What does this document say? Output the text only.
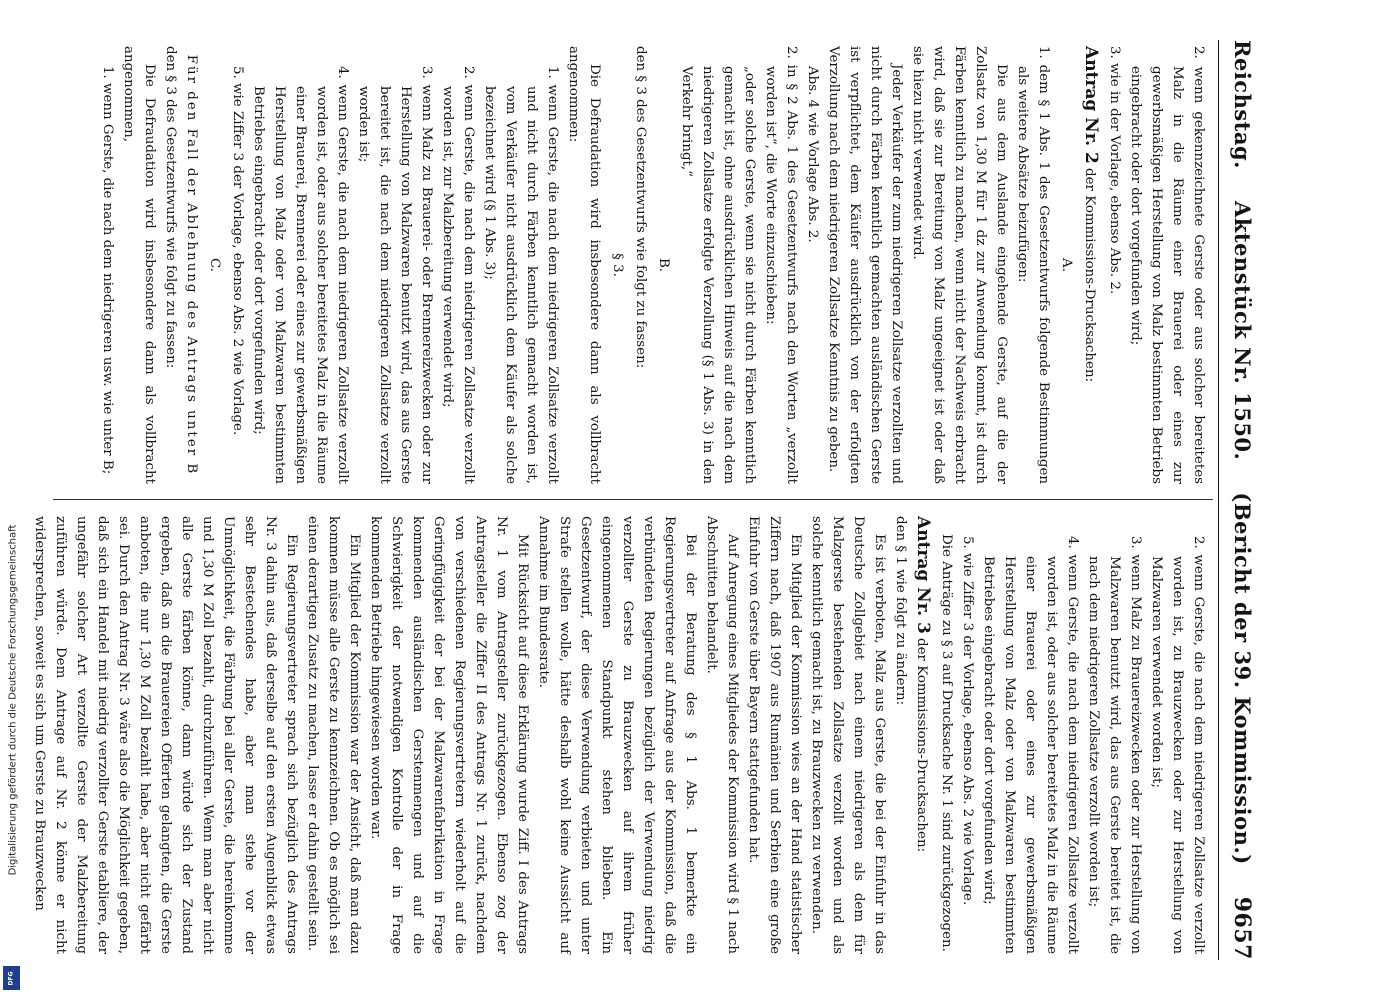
Digitalisierung gefördert durch die Deutsche Forschungsgemeinschaft
DFG
Reichstag.
Aktenstück Nr. 1550.
(Bericht der 39. Kommission.)
9657

2. wenn gekennzeichnete Gerste oder aus solcher bereitetes Malz in die Räume einer Brauerei oder eines zur gewerbsmäßigen Herstellung von Malz bestimmten Betriebs eingebracht oder dort vorgefunden wird;

3. wie in der Vorlage, ebenso Abs. 2.

Antrag Nr. 2 der Kommissions-Drucksachen:

A.

1. dem § 1 Abs. 1 des Gesetzentwurfs folgende Bestimmungen als weitere Absätze beizufügen:

Die aus dem Auslande eingehende Gerste, auf die der Zollsatz von 1,30 M für 1 dz zur Anwendung kommt, ist durch Färben kenntlich zu machen, wenn nicht der Nachweis erbracht wird, daß sie zur Bereitung von Malz ungeeignet ist oder daß sie hiezu nicht verwendet wird.

Jeder Verkäufer der zum niedrigeren Zollsatze verzollten und nicht durch Färben kenntlich gemachten ausländischen Gerste ist verpflichtet, dem Käufer ausdrücklich von der erfolgten Verzollung nach dem niedrigeren Zollsatze Kenntnis zu geben.

Abs. 4 wie Vorlage Abs. 2.

2. in § 2 Abs. 1 des Gesetzentwurfs nach den Worten „verzollt worden ist“, die Worte einzuschieben:

„oder solche Gerste, wenn sie nicht durch Färben kenntlich gemacht ist, ohne ausdrücklichen Hinweis auf die nach dem niedrigeren Zollsatze erfolgte Verzollung (§ 1 Abs. 3) in den Verkehr bringt,“

B.

den § 3 des Gesetzentwurfs wie folgt zu fassen:

§ 3.

Die Defraudation wird insbesondere dann als vollbracht angenommen:

1. wenn Gerste, die nach dem niedrigeren Zollsatze verzollt und nicht durch Färben kenntlich gemacht worden ist, vom Verkäufer nicht ausdrücklich dem Käufer als solche bezeichnet wird (§ 1 Abs. 3);

2. wenn Gerste, die nach dem niedrigeren Zollsatze verzollt worden ist, zur Malzbereitung verwendet wird;

3. wenn Malz zu Brauerei- oder Brennereizwecken oder zur Herstellung von Malzwaren benutzt wird, das aus Gerste bereitet ist, die nach dem niedrigeren Zollsatze verzollt worden ist;

4. wenn Gerste, die nach dem niedrigeren Zollsatze verzollt worden ist, oder aus solcher bereitetes Malz in die Räume einer Brauerei, Brennerei oder eines zur gewerbsmäßigen Herstellung von Malz oder von Malzwaren bestimmten Betriebes eingebracht oder dort vorgefunden wird;

5. wie Ziffer 3 der Vorlage, ebenso Abs. 2 wie Vorlage.

C.

Für den Fall der Ablehnung des Antrags unter B

den § 3 des Gesetzentwurfs wie folgt zu fassen:

Die Defraudation wird insbesondere dann als vollbracht angenommen,

1. wenn Gerste, die nach dem niedrigeren usw. wie unter B;

2. wenn Gerste, die nach dem niedrigeren Zollsatze verzollt worden ist, zu Brauzwecken oder zur Herstellung von Malzwaren verwendet worden ist;

3. wenn Malz zu Brauereizwecken oder zur Herstellung von Malzwaren benutzt wird, das aus Gerste bereitet ist, die nach dem niedrigeren Zollsatze verzollt worden ist;

4. wenn Gerste, die nach dem niedrigeren Zollsatze verzollt worden ist, oder aus solcher bereitetes Malz in die Räume einer Brauerei oder eines zur gewerbsmäßigen Herstellung von Malz oder von Malzwaren bestimmten Betriebes eingebracht oder dort vorgefunden wird;

5. wie Ziffer 3 der Vorlage, ebenso Abs. 2 wie Vorlage.

Die Anträge zu § 3 auf Drucksache Nr. 1 sind zurückgezogen.

Antrag Nr. 3 der Kommissions-Drucksachen:

den § 1 wie folgt zu ändern:

Es ist verboten, Malz aus Gerste, die bei der Einfuhr in das Deutsche Zollgebiet nach einem niedrigeren als dem für Malzgerste bestehenden Zollsatze verzollt worden und als solche kenntlich gemacht ist, zu Brauzwecken zu verwenden.

Ein Mitglied der Kommission wies an der Hand statistischer Ziffern nach, daß 1907 aus Rumänien und Serbien eine große Einfuhr von Gerste über Bayern stattgefunden hat.

Auf Anregung eines Mitgliedes der Kommission wird § 1 nach Abschnitten behandelt.

Bei der Beratung des § 1 Abs. 1 bemerkte ein Regierungsvertreter auf Anfrage aus der Kommission, daß die verbündeten Regierungen bezüglich der Verwendung niedrig verzollter Gerste zu Brauzwecken auf ihrem früher eingenommenen Standpunkt stehen blieben. Ein Gesetzentwurf, der diese Verwendung verbieten und unter Strafe stellen wolle, hätte deshalb wohl keine Aussicht auf Annahme im Bundesrate.

Mit Rücksicht auf diese Erklärung wurde Ziff. I des Antrags Nr. 1 vom Antragsteller zurückgezogen. Ebenso zog der Antragsteller die Ziffer II des Antrags Nr. 1 zurück, nachdem von verschiedenen Regierungsvertretern wiederholt auf die Geringfügigkeit der bei der Malzwarenfabrikation in Frage kommenden ausländischen Gerstenmengen und auf die Schwierigkeit der notwendigen Kontrolle der in Frage kommenden Betriebe hingewiesen worden war.

Ein Mitglied der Kommission war der Ansicht, daß man dazu kommen müsse alle Gerste zu kennzeichnen. Ob es möglich sei einen derartigen Zusatz zu machen, lasse er dahin gestellt sein.

Ein Regierungsvertreter sprach sich bezüglich des Antrags Nr. 3 dahin aus, daß derselbe auf den ersten Augenblick etwas sehr Bestechendes habe, aber man stehe vor der Unmöglichkeit, die Färbung bei aller Gerste, die hereinkomme und 1,30 M Zoll bezahlt, durchzuführen. Wenn man aber nicht alle Gerste färben könne, dann würde sich der Zustand ergeben, daß an die Brauereien Offerten gelangten, die Gerste anboten, die nur 1,30 M Zoll bezahlt habe, aber nicht gefärbt sei. Durch den Antrag Nr. 3 wäre also die Möglichkeit gegeben, daß sich ein Handel mit niedrig verzollter Gerste etabliere, der ungefähr solcher Art verzollte Gerste der Malzbereitung zuführen würde. Dem Antrage auf Nr. 2 könne er nicht widersprechen, soweit es sich um Gerste zu Brauzwecken
